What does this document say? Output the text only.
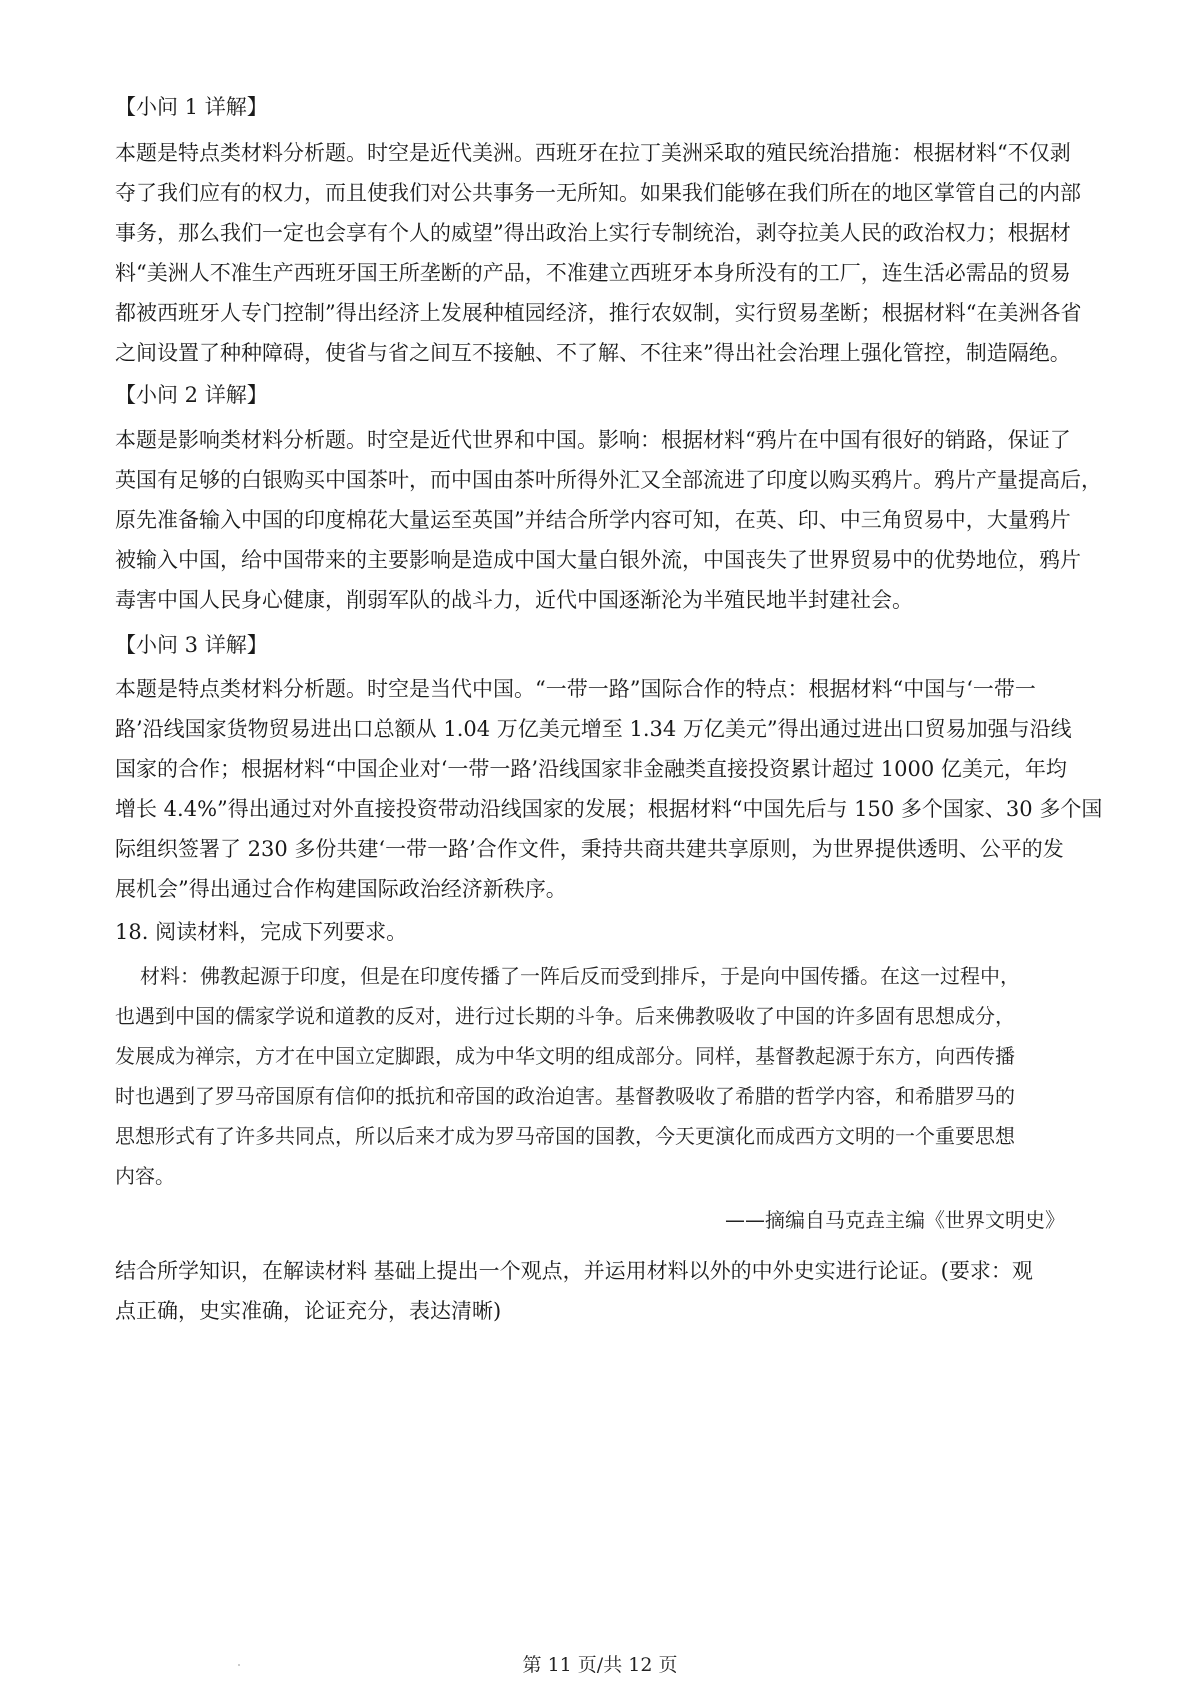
【小问 1 详解】
本题是特点类材料分析题。时空是近代美洲。西班牙在拉丁美洲采取的殖民统治措施：根据材料“不仅剥
夺了我们应有的权力，而且使我们对公共事务一无所知。如果我们能够在我们所在的地区掌管自己的内部
事务，那么我们一定也会享有个人的威望”得出政治上实行专制统治，剥夺拉美人民的政治权力；根据材
料“美洲人不准生产西班牙国王所垄断的产品，不准建立西班牙本身所没有的工厂，连生活必需品的贸易
都被西班牙人专门控制”得出经济上发展种植园经济，推行农奴制，实行贸易垄断；根据材料“在美洲各省
之间设置了种种障碍，使省与省之间互不接触、不了解、不往来”得出社会治理上强化管控，制造隔绝。
【小问 2 详解】
本题是影响类材料分析题。时空是近代世界和中国。影响：根据材料“鸦片在中国有很好的销路，保证了
英国有足够的白银购买中国茶叶，而中国由茶叶所得外汇又全部流进了印度以购买鸦片。鸦片产量提高后，
原先准备输入中国的印度棉花大量运至英国”并结合所学内容可知，在英、印、中三角贸易中，大量鸦片
被输入中国，给中国带来的主要影响是造成中国大量白银外流，中国丧失了世界贸易中的优势地位，鸦片
毒害中国人民身心健康，削弱军队的战斗力，近代中国逐渐沦为半殖民地半封建社会。
【小问 3 详解】
本题是特点类材料分析题。时空是当代中国。“一带一路”国际合作的特点：根据材料“中国与‘一带一
路’沿线国家货物贸易进出口总额从 1.04 万亿美元增至 1.34 万亿美元”得出通过进出口贸易加强与沿线
国家的合作；根据材料“中国企业对‘一带一路’沿线国家非金融类直接投资累计超过 1000 亿美元，年均
增长 4.4%”得出通过对外直接投资带动沿线国家的发展；根据材料“中国先后与 150 多个国家、30 多个国
际组织签署了 230 多份共建‘一带一路’合作文件，秉持共商共建共享原则，为世界提供透明、公平的发
展机会”得出通过合作构建国际政治经济新秩序。
18. 阅读材料，完成下列要求。
材料：佛教起源于印度，但是在印度传播了一阵后反而受到排斥，于是向中国传播。在这一过程中，
也遇到中国的儒家学说和道教的反对，进行过长期的斗争。后来佛教吸收了中国的许多固有思想成分，
发展成为禅宗，方才在中国立定脚跟，成为中华文明的组成部分。同样，基督教起源于东方，向西传播
时也遇到了罗马帝国原有信仰的抵抗和帝国的政治迫害。基督教吸收了希腊的哲学内容，和希腊罗马的
思想形式有了许多共同点，所以后来才成为罗马帝国的国教，今天更演化而成西方文明的一个重要思想
内容。
——摘编自马克垚主编《世界文明史》
结合所学知识，在解读材料 基础上提出一个观点，并运用材料以外的中外史实进行论证。(要求：观
点正确，史实准确，论证充分，表达清晰)
第 11 页/共 12 页
